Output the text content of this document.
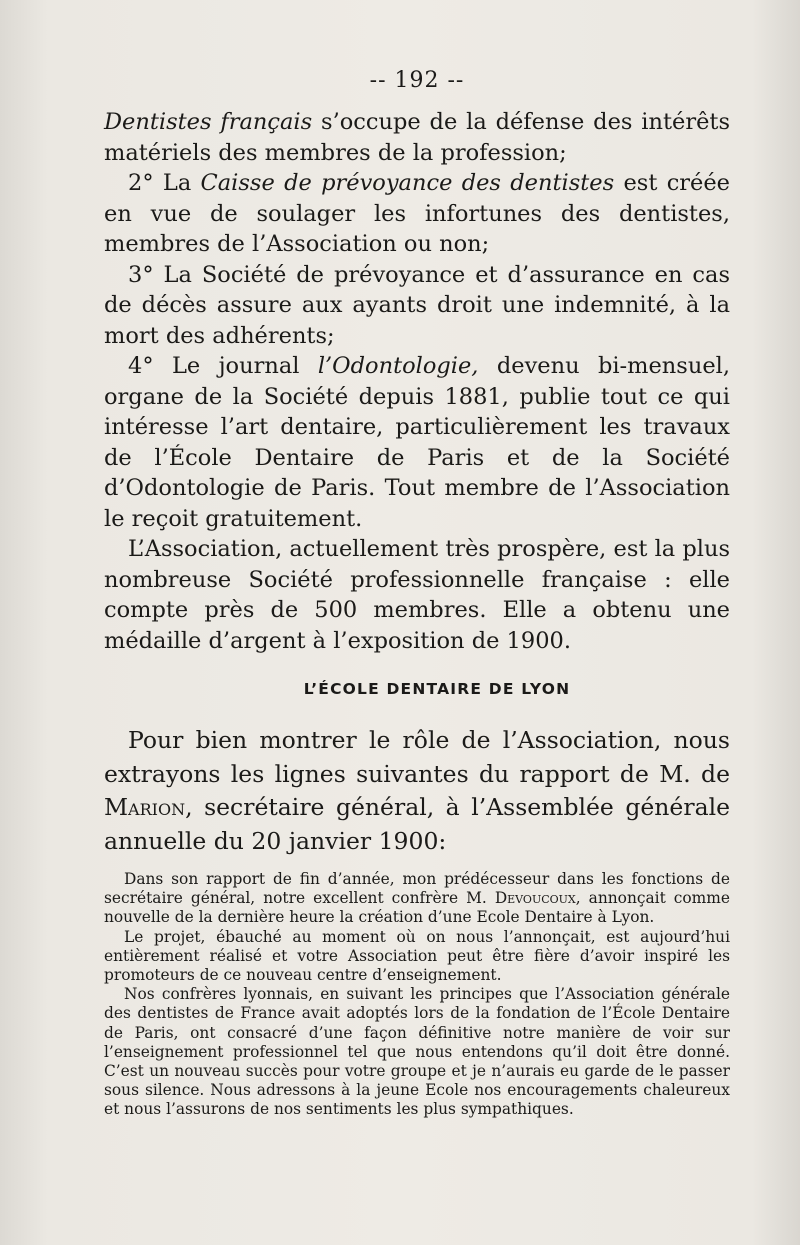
-- 192 --

Dentistes français s’occupe de la défense des intérêts matériels des membres de la profession;

2° La Caisse de prévoyance des dentistes est créée en vue de soulager les infortunes des dentistes, membres de l’Association ou non;

3° La Société de prévoyance et d’assurance en cas de décès assure aux ayants droit une indemnité, à la mort des adhérents;

4° Le journal l’Odontologie, devenu bi-mensuel, organe de la Société depuis 1881, publie tout ce qui intéresse l’art dentaire, particulièrement les travaux de l’École Dentaire de Paris et de la Société d’Odontologie de Paris. Tout membre de l’Association le reçoit gratuitement.

L’Association, actuellement très prospère, est la plus nombreuse Société professionnelle française : elle compte près de 500 membres. Elle a obtenu une médaille d’argent à l’exposition de 1900.

L’ÉCOLE DENTAIRE DE LYON

Pour bien montrer le rôle de l’Association, nous extrayons les lignes suivantes du rapport de M. de Marion, secrétaire général, à l’Assemblée générale annuelle du 20 janvier 1900:

Dans son rapport de fin d’année, mon prédécesseur dans les fonctions de secrétaire général, notre excellent confrère M. Devoucoux, annonçait comme nouvelle de la dernière heure la création d’une Ecole Dentaire à Lyon.

Le projet, ébauché au moment où on nous l’annonçait, est aujourd’hui entièrement réalisé et votre Association peut être fière d’avoir inspiré les promoteurs de ce nouveau centre d’enseignement.

Nos confrères lyonnais, en suivant les principes que l’Association générale des dentistes de France avait adoptés lors de la fondation de l’École Dentaire de Paris, ont consacré d’une façon définitive notre manière de voir sur l’enseignement professionnel tel que nous entendons qu’il doit être donné. C’est un nouveau succès pour votre groupe et je n’aurais eu garde de le passer sous silence. Nous adressons à la jeune Ecole nos encouragements chaleureux et nous l’assurons de nos sentiments les plus sympathiques.
